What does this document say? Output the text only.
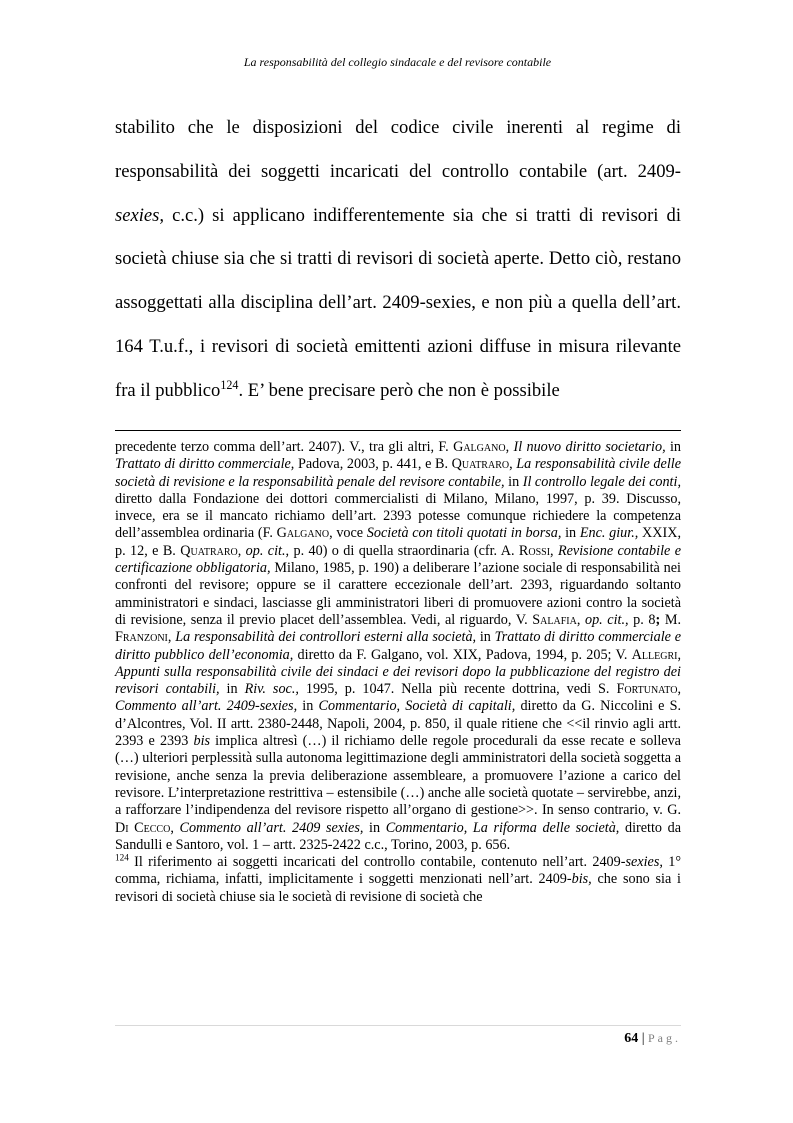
La responsabilità del collegio sindacale e del revisore contabile

stabilito che le disposizioni del codice civile inerenti al regime di responsabilità dei soggetti incaricati del controllo contabile (art. 2409-sexies, c.c.) si applicano indifferentemente sia che si tratti di revisori di società chiuse sia che si tratti di revisori di società aperte. Detto ciò, restano assoggettati alla disciplina dell’art. 2409-sexies, e non più a quella dell’art. 164 T.u.f., i revisori di società emittenti azioni diffuse in misura rilevante fra il pubblico$^{124}$. E’ bene precisare però che non è possibile

precedente terzo comma dell’art. 2407). V., tra gli altri, F. Galgano, Il nuovo diritto societario, in Trattato di diritto commerciale, Padova, 2003, p. 441, e B. Quatraro, La responsabilità civile delle società di revisione e la responsabilità penale del revisore contabile, in Il controllo legale dei conti, diretto dalla Fondazione dei dottori commercialisti di Milano, Milano, 1997, p. 39. Discusso, invece, era se il mancato richiamo dell’art. 2393 potesse comunque richiedere la competenza dell’assemblea ordinaria (F. Galgano, voce Società con titoli quotati in borsa, in Enc. giur., XXIX, p. 12, e B. Quatraro, op. cit., p. 40) o di quella straordinaria (cfr. A. Rossi, Revisione contabile e certificazione obbligatoria, Milano, 1985, p. 190) a deliberare l’azione sociale di responsabilità nei confronti del revisore; oppure se il carattere eccezionale dell’art. 2393, riguardando soltanto amministratori e sindaci, lasciasse gli amministratori liberi di promuovere azioni contro la società di revisione, senza il previo placet dell’assemblea. Vedi, al riguardo, V. Salafia, op. cit., p. 8; M. Franzoni, La responsabilità dei controllori esterni alla società, in Trattato di diritto commerciale e diritto pubblico dell’economia, diretto da F. Galgano, vol. XIX, Padova, 1994, p. 205; V. Allegri, Appunti sulla responsabilità civile dei sindaci e dei revisori dopo la pubblicazione del registro dei revisori contabili, in Riv. soc., 1995, p. 1047. Nella più recente dottrina, vedi S. Fortunato, Commento all’art. 2409-sexies, in Commentario, Società di capitali, diretto da G. Niccolini e S. d’Alcontres, Vol. II artt. 2380-2448, Napoli, 2004, p. 850, il quale ritiene che <<il rinvio agli artt. 2393 e 2393 bis implica altresì (…) il richiamo delle regole procedurali da esse recate e solleva (…) ulteriori perplessità sulla autonoma legittimazione degli amministratori della società soggetta a revisione, anche senza la previa deliberazione assembleare, a promuovere l’azione a carico del revisore. L’interpretazione restrittiva – estensibile (…) anche alle società quotate – servirebbe, anzi, a rafforzare l’indipendenza del revisore rispetto all’organo di gestione>>. In senso contrario, v. G. Di Cecco, Commento all’art. 2409 sexies, in Commentario, La riforma delle società, diretto da Sandulli e Santoro, vol. 1 – artt. 2325-2422 c.c., Torino, 2003, p. 656.

$^{124}$ Il riferimento ai soggetti incaricati del controllo contabile, contenuto nell’art. 2409-sexies, 1° comma, richiama, infatti, implicitamente i soggetti menzionati nell’art. 2409-bis, che sono sia i revisori di società chiuse sia le società di revisione di società che

64 | Pag.
